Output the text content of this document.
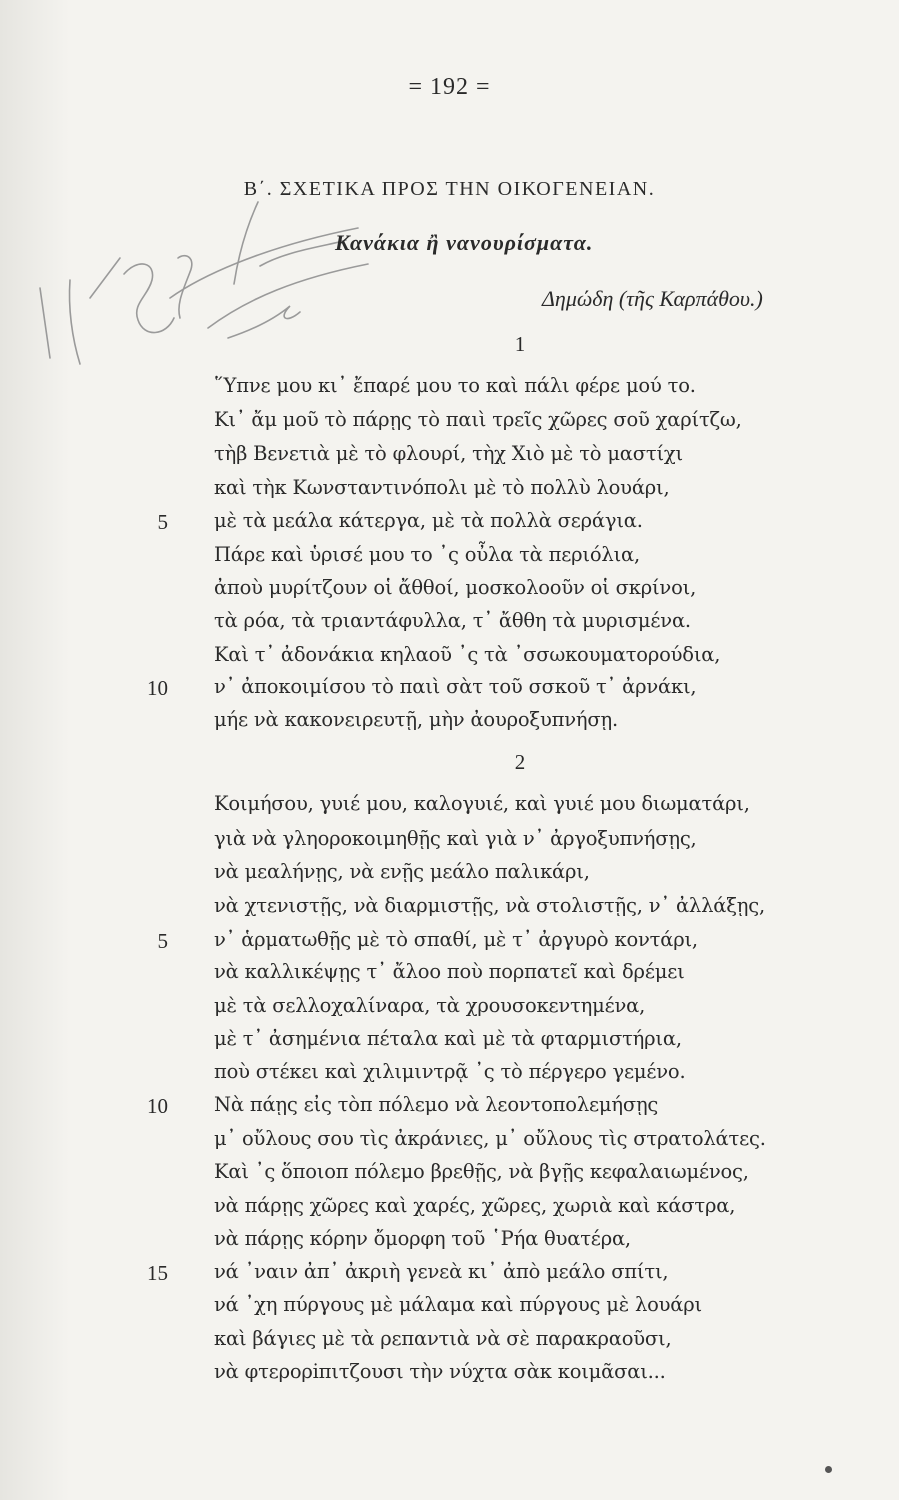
= 192 =
Β΄. ΣΧΕΤΙΚΑ ΠΡΟΣ ΤΗΝ ΟΙΚΟΓΕΝΕΙΑΝ.
Κανάκια ἢ νανουρίσματα.
Δημώδη (τῆς Καρπάθου.)
1
῞Υπνε μου κι᾽ ἔπαρέ μου το καὶ πάλι φέρε μού το.
Κι᾽ ἄμ μοῦ τὸ πάρῃς τὸ παιὶ τρεῖς χῶρες σοῦ χαρίτζω,
τὴβ Βενετιὰ μὲ τὸ φλουρί, τὴχ Χιὸ μὲ τὸ μαστίχι
καὶ τὴκ Κωνσταντινόπολι μὲ τὸ πολλὺ λουάρι,
5 μὲ τὰ μεάλα κάτεργα, μὲ τὰ πολλὰ σεράγια.
Πάρε καὶ ὑρισέ μου το ᾽ς οὖλα τὰ περιόλια,
ἀποὺ μυρίτζουν οἱ ἄθθοί, μοσκολοοῦν οἱ σκρίνοι,
τὰ ρόα, τὰ τριαντάφυλλα, τ᾽ ἄθθη τὰ μυρισμένα.
Καὶ τ᾽ ἀδονάκια κηλαοῦ ᾽ς τὰ ᾽σσωκουματορούδια,
10 ν᾽ ἀποκοιμίσου τὸ παιὶ σὰτ τοῦ σσκοῦ τ᾽ ἀρνάκι,
μήε νὰ κακονειρευτῇ, μὴν ἀουροξυπνήσῃ.
2
Κοιμήσου, γυιέ μου, καλογυιέ, καὶ γυιέ μου διωματάρι,
γιὰ νὰ γληοροκοιμηθῇς καὶ γιὰ ν᾽ ἀργοξυπνήσῃς,
νὰ μεαλήνῃς, νὰ ενῇς μεάλο παλικάρι,
νὰ χτενιστῇς, νὰ διαρμιστῇς, νὰ στολιστῇς, ν᾽ ἀλλάξῃς,
5 ν᾽ ἁρματωθῇς μὲ τὸ σπαθί, μὲ τ᾽ ἀργυρὸ κοντάρι,
νὰ καλλικέψῃς τ᾽ ἄλοο ποὺ πορπατεῖ καὶ δρέμει
μὲ τὰ σελλοχαλίναρα, τὰ χρουσοκεντημένα,
μὲ τ᾽ ἀσημένια πέταλα καὶ μὲ τὰ φταρμιστήρια,
ποὺ στέκει καὶ χιλιμιντρᾷ ᾽ς τὸ πέργερο γεμένο.
10 Νὰ πάῃς εἰς τὸπ πόλεμο νὰ λεοντοπολεμήσῃς
μ᾽ οὔλους σου τὶς ἀκράνιες, μ᾽ οὔλους τὶς στρατολάτες.
Καὶ ᾽ς ὅποιοπ πόλεμο βρεθῇς, νὰ βγῇς κεφαλαιωμένος,
νὰ πάρῃς χῶρες καὶ χαρές, χῶρες, χωριὰ καὶ κάστρα,
νὰ πάρῃς κόρην ὄμορφη τοῦ ῾Ρήα θυατέρα,
15 νά ᾽ναιν ἀπ᾽ ἀκριὴ γενεὰ κι᾽ ἀπὸ μεάλο σπίτι,
νά ᾽χη πύργους μὲ μάλαμα καὶ πύργους μὲ λουάρι
καὶ βάγιες μὲ τὰ ρεπαντιὰ νὰ σὲ παρακραοῦσι,
νὰ φτερορiπιτζουσι τὴν νύχτα σὰκ κοιμᾶσαι...
